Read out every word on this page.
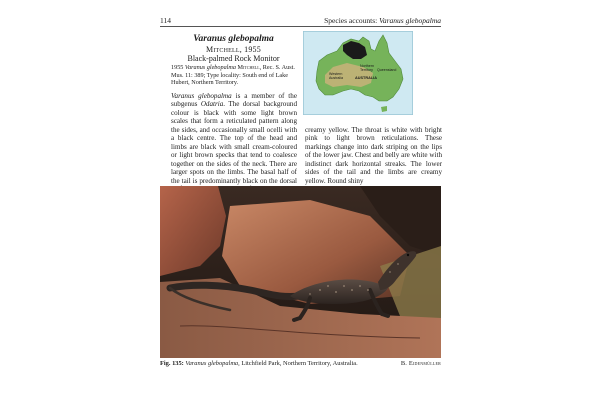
114	Species accounts: Varanus glebopalma
Varanus glebopalma
Mitchell, 1955
Black-palmed Rock Monitor
1955 Varanus glebopalma Mitchell, Rec. S. Aust. Mus. 11: 389; Type locality: South end of Lake Hubert, Northern Territory.
Varanus glebopalma is a member of the subgenus Odatria. The dorsal background colour is black with some light brown scales that form a reticulated pattern along the sides, and occasionally small ocelli with a black centre. The top of the head and limbs are black with small cream-coloured or light brown specks that tend to coalesce together on the sides of the neck. There are larger spots on the limbs. The basal half of the tail is predominantly black on the dorsal
creamy yellow. The throat is white with bright pink to light brown reticulations. These markings change into dark striping on the lips of the lower jaw. Chest and belly are white with indistinct dark horizontal streaks. The lower sides of the tail and the limbs are creamy yellow. Round shiny
Northern
Territory
Western
Australia
Queensland
AUSTRALIA
Fig. 135: Varanus glebopalma, Litchfield Park, Northern Territory, Australia.	B. Eidenmüller
